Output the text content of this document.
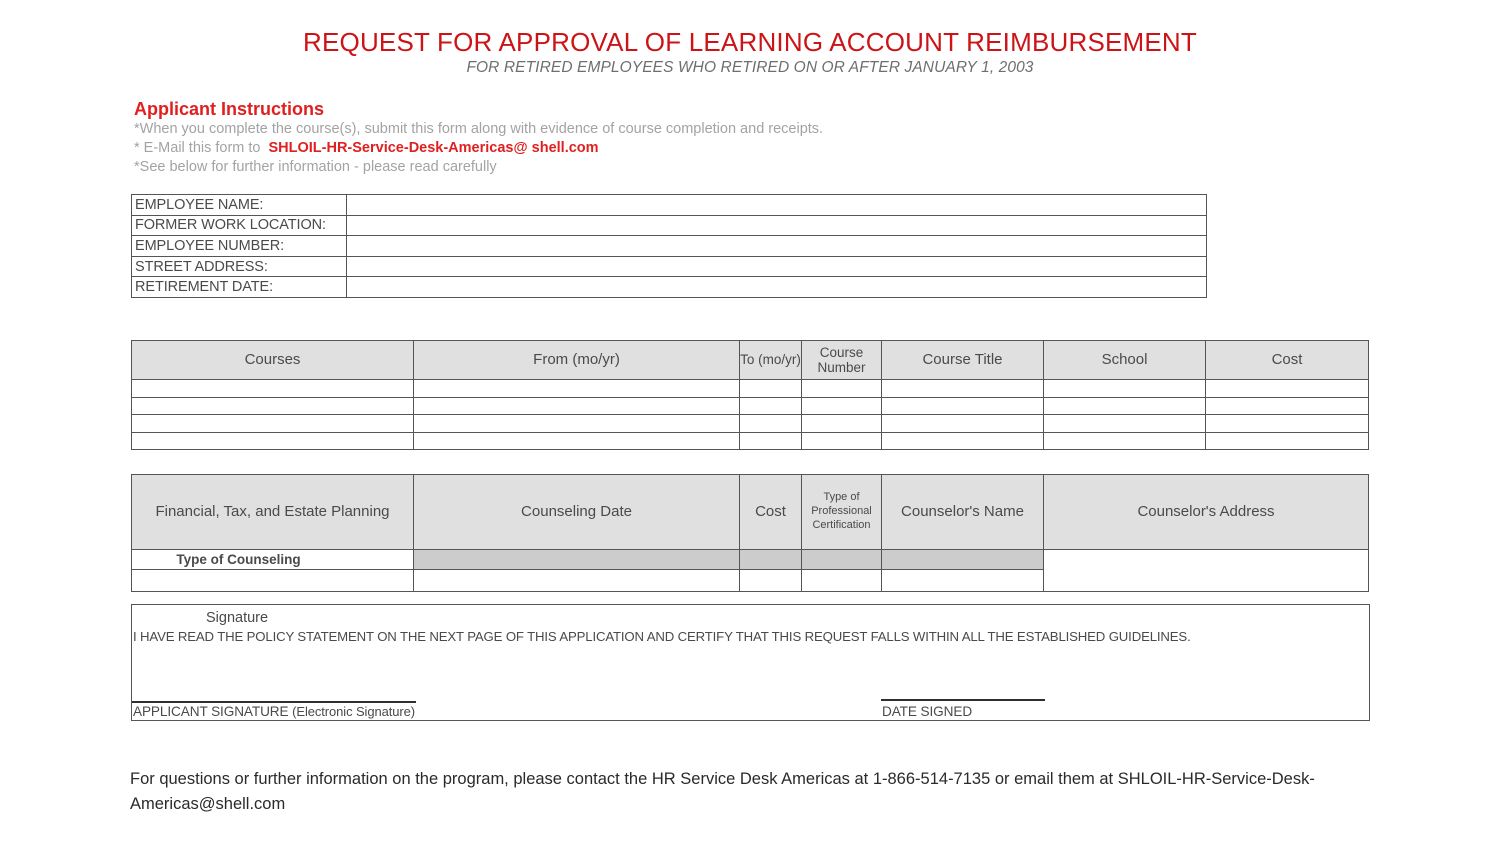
REQUEST FOR APPROVAL OF LEARNING ACCOUNT REIMBURSEMENT
FOR RETIRED EMPLOYEES WHO RETIRED ON OR AFTER JANUARY 1, 2003
Applicant Instructions
*When you complete the course(s), submit this form along with evidence of course completion and receipts.
* E-Mail this form to SHLOIL-HR-Service-Desk-Americas@ shell.com
*See below for further information - please read carefully
EMPLOYEE NAME:	
FORMER WORK LOCATION:	
EMPLOYEE NUMBER:	
STREET ADDRESS:	
RETIREMENT DATE:	
Courses	From (mo/yr)	To (mo/yr)	Course Number	Course Title	School	Cost

Financial, Tax, and Estate Planning	Counseling Date	Cost	Type of Professional Certification	Counselor's Name	Counselor's Address
Type of Counseling					

Signature
I HAVE READ THE POLICY STATEMENT ON THE NEXT PAGE OF THIS APPLICATION AND CERTIFY THAT THIS REQUEST FALLS WITHIN ALL THE ESTABLISHED GUIDELINES.
APPLICANT SIGNATURE (Electronic Signature)	DATE SIGNED
For questions or further information on the program, please contact the HR Service Desk Americas at 1-866-514-7135 or email them at SHLOIL-HR-Service-Desk-Americas@shell.com
